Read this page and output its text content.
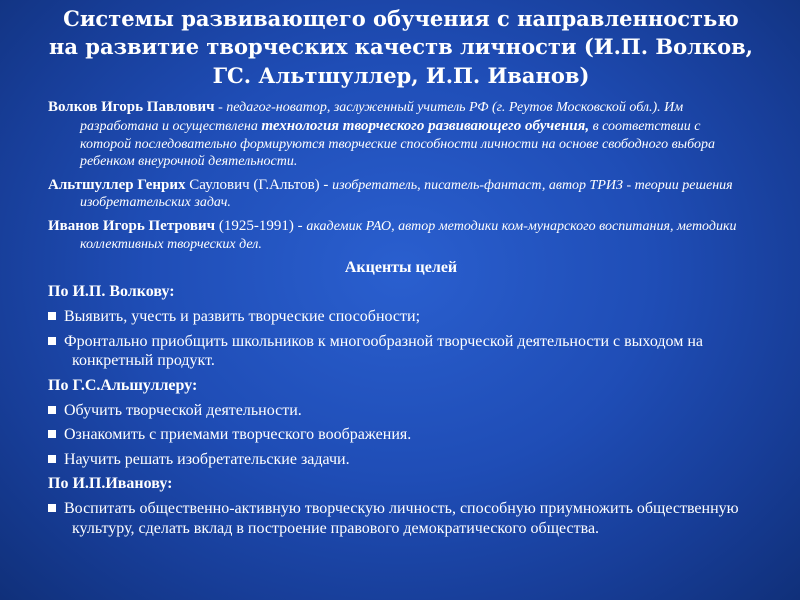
Системы развивающего обучения с направленностью на развитие творческих качеств личности (И.П. Волков, ГС. Альтшуллер, И.П. Иванов)

Волков Игорь Павлович - педагог-новатор, заслуженный учитель РФ (г. Реутов Московской обл.). Им разработана и осуществлена технология творческого развивающего обучения, в соответствии с которой последовательно формируются творческие способности личности на основе свободного выбора ребенком внеурочной деятельности.

Альтшуллер Генрих Саулович (Г.Альтов) - изобретатель, писатель-фантаст, автор ТРИЗ - теории решения изобретательских задач.

Иванов Игорь Петрович (1925-1991) - академик РАО, автор методики ком-мунарского воспитания, методики коллективных творческих дел.

Акценты целей

По И.П. Волкову:

Выявить, учесть и развить творческие способности;

Фронтально приобщить школьников к многообразной творческой деятельности с выходом на конкретный продукт.

По Г.С.Альшуллеру:

Обучить творческой деятельности.

Ознакомить с приемами творческого воображения.

Научить решать изобретательские задачи.

По И.П.Иванову:

Воспитать общественно-активную творческую личность, способную приумножить общественную культуру, сделать вклад в построение правового демократического общества.
